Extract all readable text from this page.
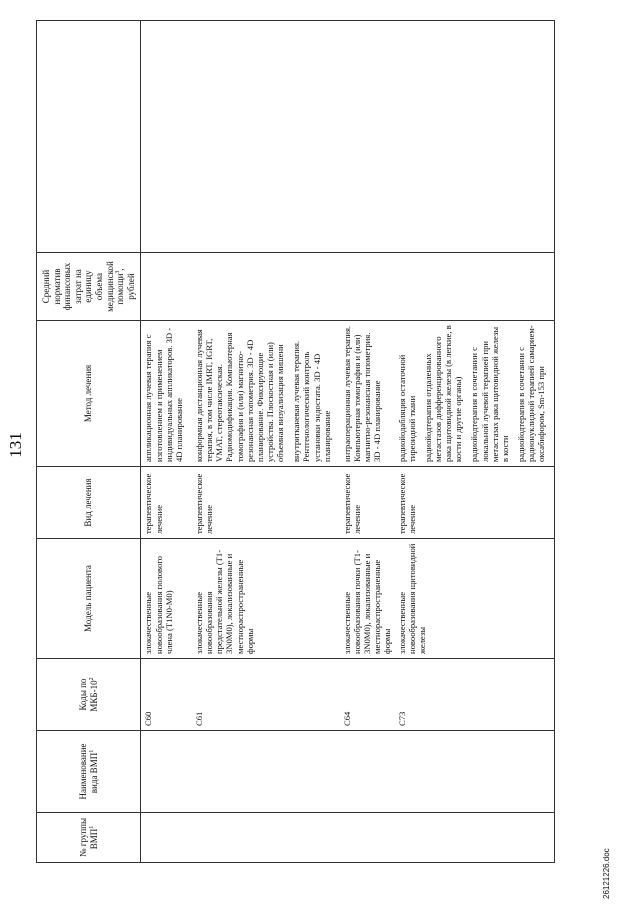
131
№ группы ВМП$^1$	Наименование вида ВМП$^1$	Коды по МКБ-$10^2$	Модель пациента	Вид лечения	Метод лечения	Средний норматив финансовых затрат на единицу объема медицинской помощи$^3$, рублей	
		C60	злокачественные новообразования полового члена (T1N0-M0)	терапевтическое лечение	аппликационная лучевая терапия с изготовлением и применением индивидуальных аппликаторов. 3D - 4D планирование		

		C61	злокачественные новообразования предстательной железы (T1-3N0M0), локализованные и местнораспространенные формы	терапевтическое лечение	конформная дистанционная лучевая терапия, в том числе IMRT, IGRT, VMAT, стереотаксическая. Радиомодификация. Компьютерная томография и (или) магнитно-резонансная топометрия. 3D - 4D планирование. Фиксирующие устройства. Плоскостная и (или) объемная визуализация мишени внутритканевая лучевая терапия. Рентгенологический контроль установки эндостата. 3D - 4D планирование		

		C64	злокачественные новообразования почки (T1-3N0M0), локализованные и местнораспространенные формы	терапевтическое лечение	интраоперационная лучевая терапия. Компьютерная томография и (или) магнитно-резонансная топометрия. 3D - 4D планирование		

		C73	злокачественные новообразования щитовидной железы	терапевтическое лечение	радиойодабляция остаточной тиреоидной ткани радиойодтерапия отдаленных метастазов дифференцированного рака щитовидной железы (в легкие, в кости и другие органы) радиойодтерапия в сочетании с локальной лучевой терапией при метастазах рака щитовидной железы в кости радиойодтерапия в сочетании с радионуклидной терапией самарием-оксабифором, Sm-153 при		

26121226.doc
